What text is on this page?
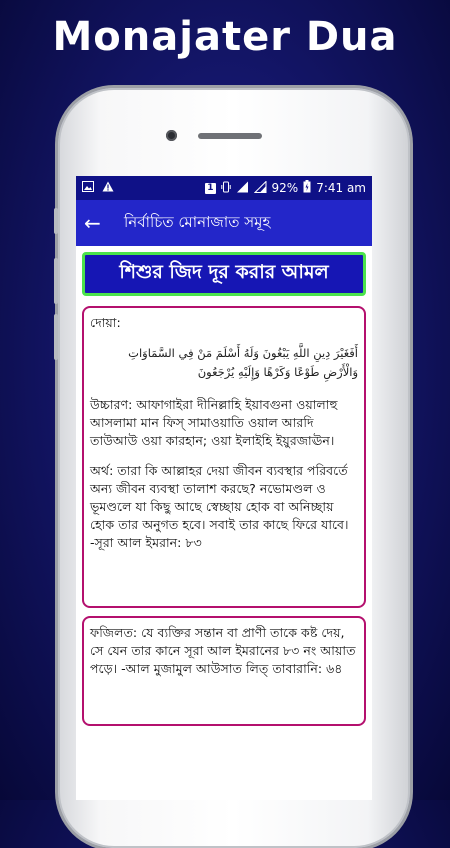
Monajater Dua
1	92% 7:41 am
←	নির্বাচিত মোনাজাত সমূহ
শিশুর জিদ দূর করার আমল
দোয়া:
أَفَغَيْرَ دِينِ اللَّهِ يَبْغُونَ وَلَهُ أَسْلَمَ مَنْ فِي السَّمَاوَاتِ وَالْأَرْضِ طَوْعًا وَكَرْهًا وَإِلَيْهِ يُرْجَعُونَ
উচ্চারণ: আফাগাইরা দীনিল্লাহি ইয়াবগুনা ওয়ালাহু আসলামা মান ফিস্ সামাওয়াতি ওয়াল আরদি তাউআউ ওয়া কারহান; ওয়া ইলাইহি ইয়ুরজাঊন।
অর্থ: তারা কি আল্লাহর দেয়া জীবন ব্যবস্থার পরিবর্তে অন্য জীবন ব্যবস্থা তালাশ করছে? নভোমণ্ডল ও ভূমণ্ডলে যা কিছু আছে স্বেচ্ছায় হোক বা অনিচ্ছায় হোক তার অনুগত হবে। সবাই তার কাছে ফিরে যাবে। -সূরা আল ইমরান: ৮৩
ফজিলত: যে ব্যক্তির সন্তান বা প্রাণী তাকে কষ্ট দেয়, সে যেন তার কানে সূরা আল ইমরানের ৮৩ নং আয়াত পড়ে। -আল মুজামুল আউসাত লিত্ তাবারানি: ৬৪
